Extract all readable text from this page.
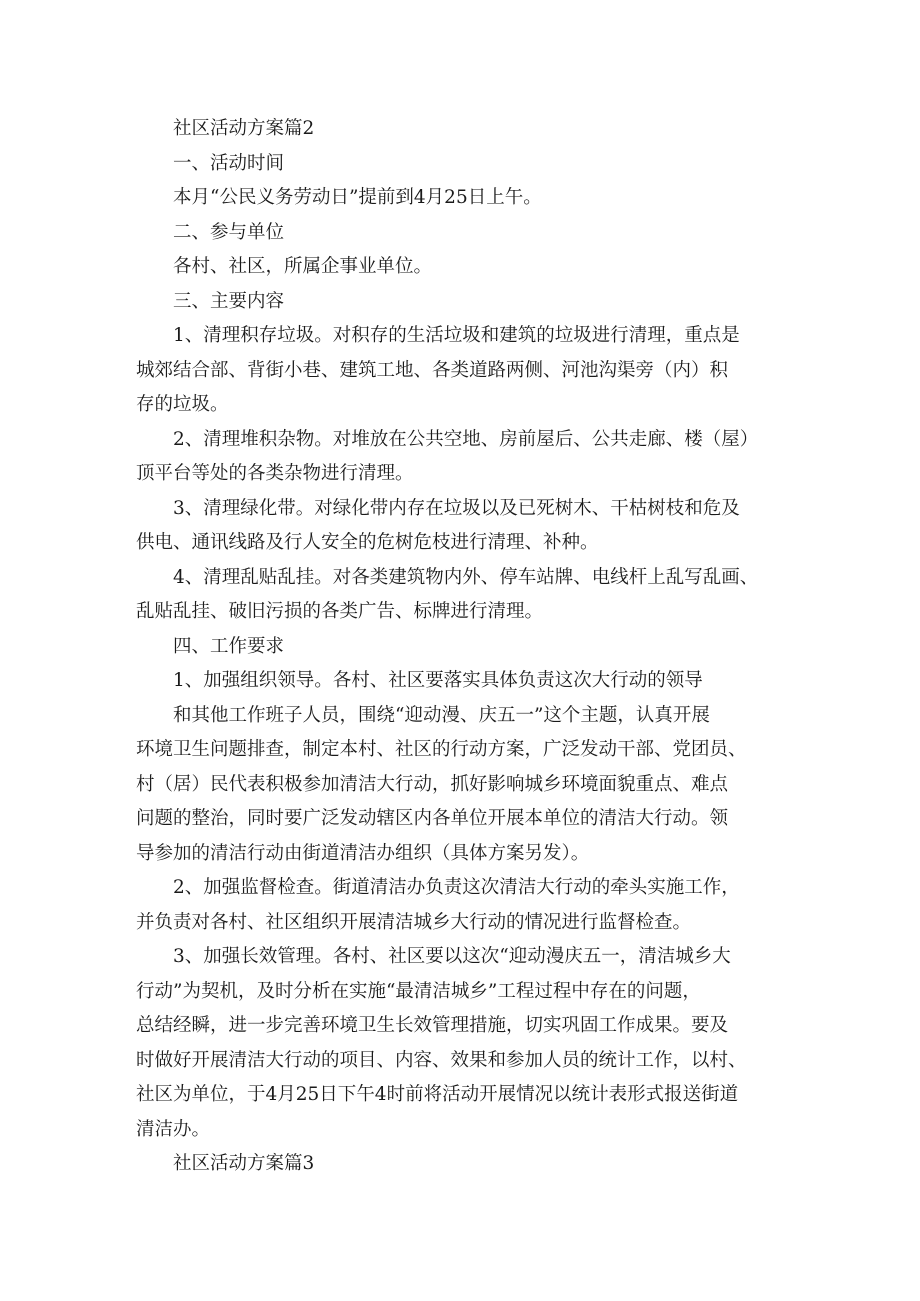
社区活动方案篇2

一、活动时间

本月“公民义务劳动日”提前到4月25日上午。

二、参与单位

各村、社区，所属企事业单位。

三、主要内容

1、清理积存垃圾。对积存的生活垃圾和建筑的垃圾进行清理，重点是

城郊结合部、背街小巷、建筑工地、各类道路两侧、河池沟渠旁（内）积

存的垃圾。

2、清理堆积杂物。对堆放在公共空地、房前屋后、公共走廊、楼（屋）

顶平台等处的各类杂物进行清理。

3、清理绿化带。对绿化带内存在垃圾以及已死树木、干枯树枝和危及

供电、通讯线路及行人安全的危树危枝进行清理、补种。

4、清理乱贴乱挂。对各类建筑物内外、停车站牌、电线杆上乱写乱画、

乱贴乱挂、破旧污损的各类广告、标牌进行清理。

四、工作要求

1、加强组织领导。各村、社区要落实具体负责这次大行动的领导

和其他工作班子人员，围绕“迎动漫、庆五一”这个主题，认真开展

环境卫生问题排查，制定本村、社区的行动方案，广泛发动干部、党团员、

村（居）民代表积极参加清洁大行动，抓好影响城乡环境面貌重点、难点

问题的整治，同时要广泛发动辖区内各单位开展本单位的清洁大行动。领

导参加的清洁行动由街道清洁办组织（具体方案另发）。

2、加强监督检查。街道清洁办负责这次清洁大行动的牵头实施工作，

并负责对各村、社区组织开展清洁城乡大行动的情况进行监督检查。

3、加强长效管理。各村、社区要以这次“迎动漫庆五一，清洁城乡大

行动”为契机，及时分析在实施“最清洁城乡”工程过程中存在的问题，

总结经瞬，进一步完善环境卫生长效管理措施，切实巩固工作成果。要及

时做好开展清洁大行动的项目、内容、效果和参加人员的统计工作，以村、

社区为单位，于4月25日下午4时前将活动开展情况以统计表形式报送街道

清洁办。

社区活动方案篇3
